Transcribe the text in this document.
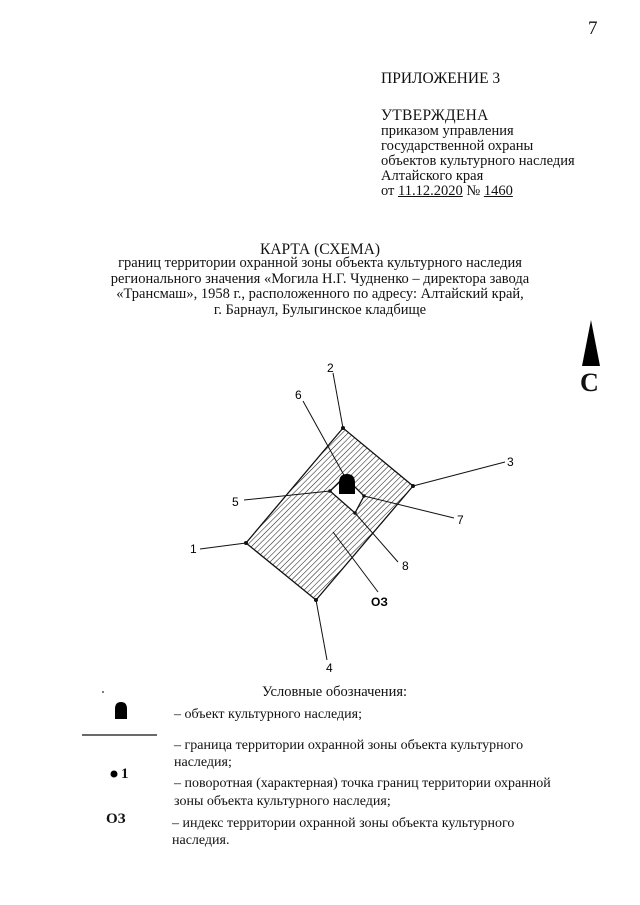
7
ПРИЛОЖЕНИЕ 3
УТВЕРЖДЕНА
приказом управления
государственной охраны
объектов культурного наследия
Алтайского края
от 11.12.2020 № 1460
КАРТА (СХЕМА)
границ территории охранной зоны объекта культурного наследия
регионального значения «Могила Н.Г. Чудненко – директора завода
«Трансмаш», 1958 г., расположенного по адресу: Алтайский край,
г. Барнаул, Булыгинское кладбище
1
2
3
4
5
6
7
8
ОЗ
С
Условные обозначения:
– объект культурного наследия;
– граница территории охранной зоны объекта культурного
наследия;
1
– поворотная (характерная) точка границ территории охранной
зоны объекта культурного наследия;
ОЗ	– индекс территории охранной зоны объекта культурного
наследия.
